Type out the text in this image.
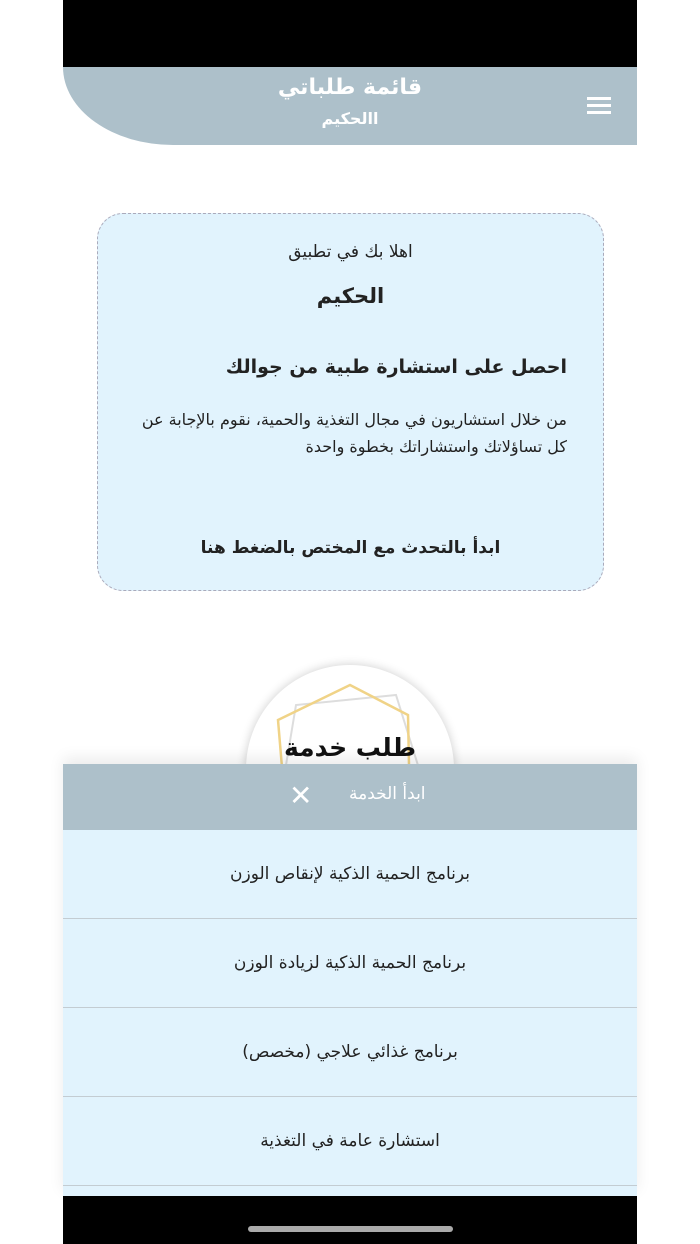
قائمة طلباتي
االحكيم
اهلا بك في تطبيق
الحكيم
احصل على استشارة طبية من جوالك
من خلال استشاريون في مجال التغذية والحمية، نقوم بالإجابة عن كل تساؤلاتك واستشاراتك بخطوة واحدة
ابدأ بالتحدث مع المختص بالضغط هنا
طلب خدمة
✕ ابدأ الخدمة
برنامج الحمية الذكية لإنقاص الوزن
برنامج الحمية الذكية لزيادة الوزن
برنامج غذائي علاجي (مخصص)
استشارة عامة في التغذية
